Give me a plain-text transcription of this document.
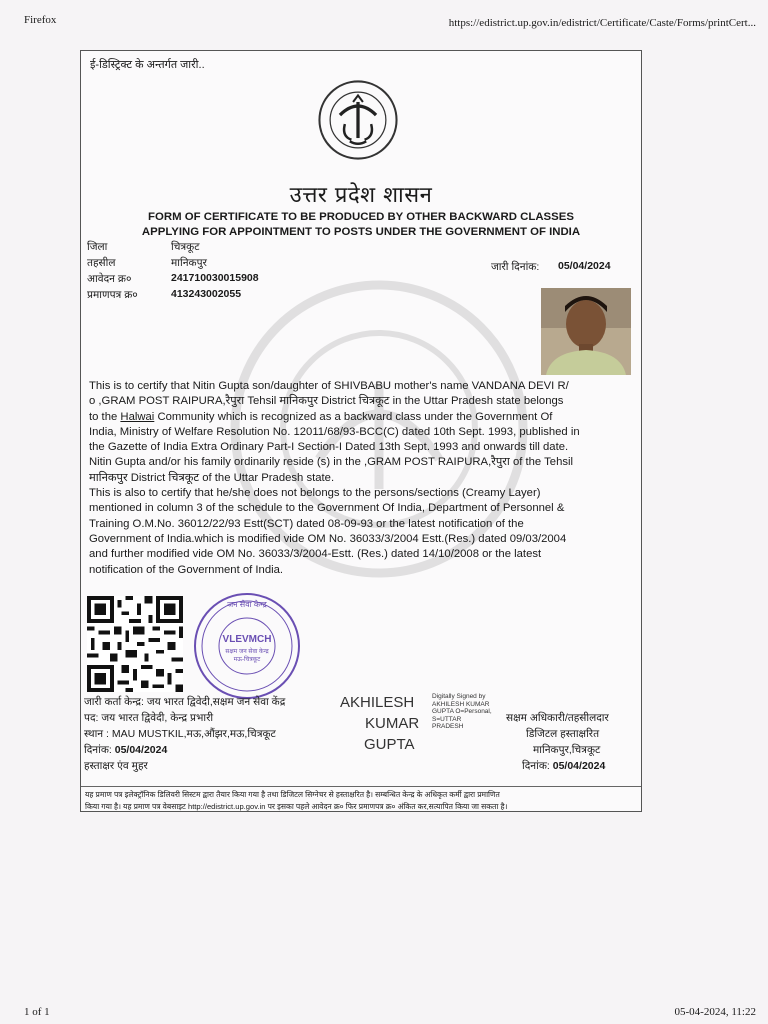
Firefox	https://edistrict.up.gov.in/edistrict/Certificate/Caste/Forms/printCert...
ई-डिस्ट्रिक्ट के अन्तर्गत जारी..
उत्तर प्रदेश शासन
FORM OF CERTIFICATE TO BE PRODUCED BY OTHER BACKWARD CLASSES
APPLYING FOR APPOINTMENT TO POSTS UNDER THE GOVERNMENT OF INDIA
जिला	चित्रकूट
तहसील	मानिकपुर
आवेदन क्र०	241710030015908
प्रमाणपत्र क्र०	413243002055
जारी दिनांक: 05/04/2024

This is to certify that Nitin Gupta son/daughter of SHIVBABU mother's name VANDANA DEVI R/

o ,GRAM POST RAIPURA,रैपुरा Tehsil मानिकपुर District चित्रकूट in the Uttar Pradesh state belongs

to the Halwai Community which is recognized as a backward class under the Government Of

India, Ministry of Welfare Resolution No. 12011/68/93-BCC(C) dated 10th Sept. 1993, published in

the Gazette of India Extra Ordinary Part-I Section-I Dated 13th Sept. 1993 and onwards till date.

Nitin Gupta and/or his family ordinarily reside (s) in the ,GRAM POST RAIPURA,रैपुरा of the Tehsil

मानिकपुर District चित्रकूट of the Uttar Pradesh state.

This is also to certify that he/she does not belongs to the persons/sections (Creamy Layer)

mentioned in column 3 of the schedule to the Government Of India, Department of Personnel &

Training O.M.No. 36012/22/93 Estt(SCT) dated 08-09-93 or the latest notification of the

Government of India.which is modified vide OM No. 36033/3/2004 Estt.(Res.) dated 09/03/2004

and further modified vide OM No. 36033/3/2004-Estt. (Res.) dated 14/10/2008 or the latest

notification of the Government of India.

जन सेवा केन्द्र
VLEVMCH
सक्षम जन सेवा केन्द्र
मऊ-चित्रकूट
जारी कर्ता केन्द्र: जय भारत द्विवेदी,सक्षम जन सेवा केंद्र
पद: जय भारत द्विवेदी, केन्द्र प्रभारी
स्थान : MAU MUSTKIL,मऊ,औंझर,मऊ,चित्रकूट
दिनांक: 05/04/2024
हस्ताक्षर एंव मुहर
AKHILESH
KUMAR
GUPTA
Digitally Signed by
AKHILESH KUMAR
GUPTA O=Personal,
S=UTTAR
PRADESH
सक्षम अधिकारी/तहसीलदार
डिजिटल हस्ताक्षरित
मानिकपुर,चित्रकूट
दिनांक: 05/04/2024
यह प्रमाण पत्र इलेक्ट्रॉनिक डिलिवरी सिस्टम द्वारा तैयार किया गया है तथा डिजिटल सिग्नेचर से हस्ताक्षरित है। सम्बन्धित केन्द्र के अधिकृत कर्मी द्वारा प्रमाणित
किया गया है। यह प्रमाण पत्र वेबसाइट http://edistrict.up.gov.in पर इसका पहले आवेदन क्र० फिर प्रमाणपत्र क्र० अंकित कर,सत्यापित किया जा सकता है।
1 of 1	05-04-2024, 11:22
